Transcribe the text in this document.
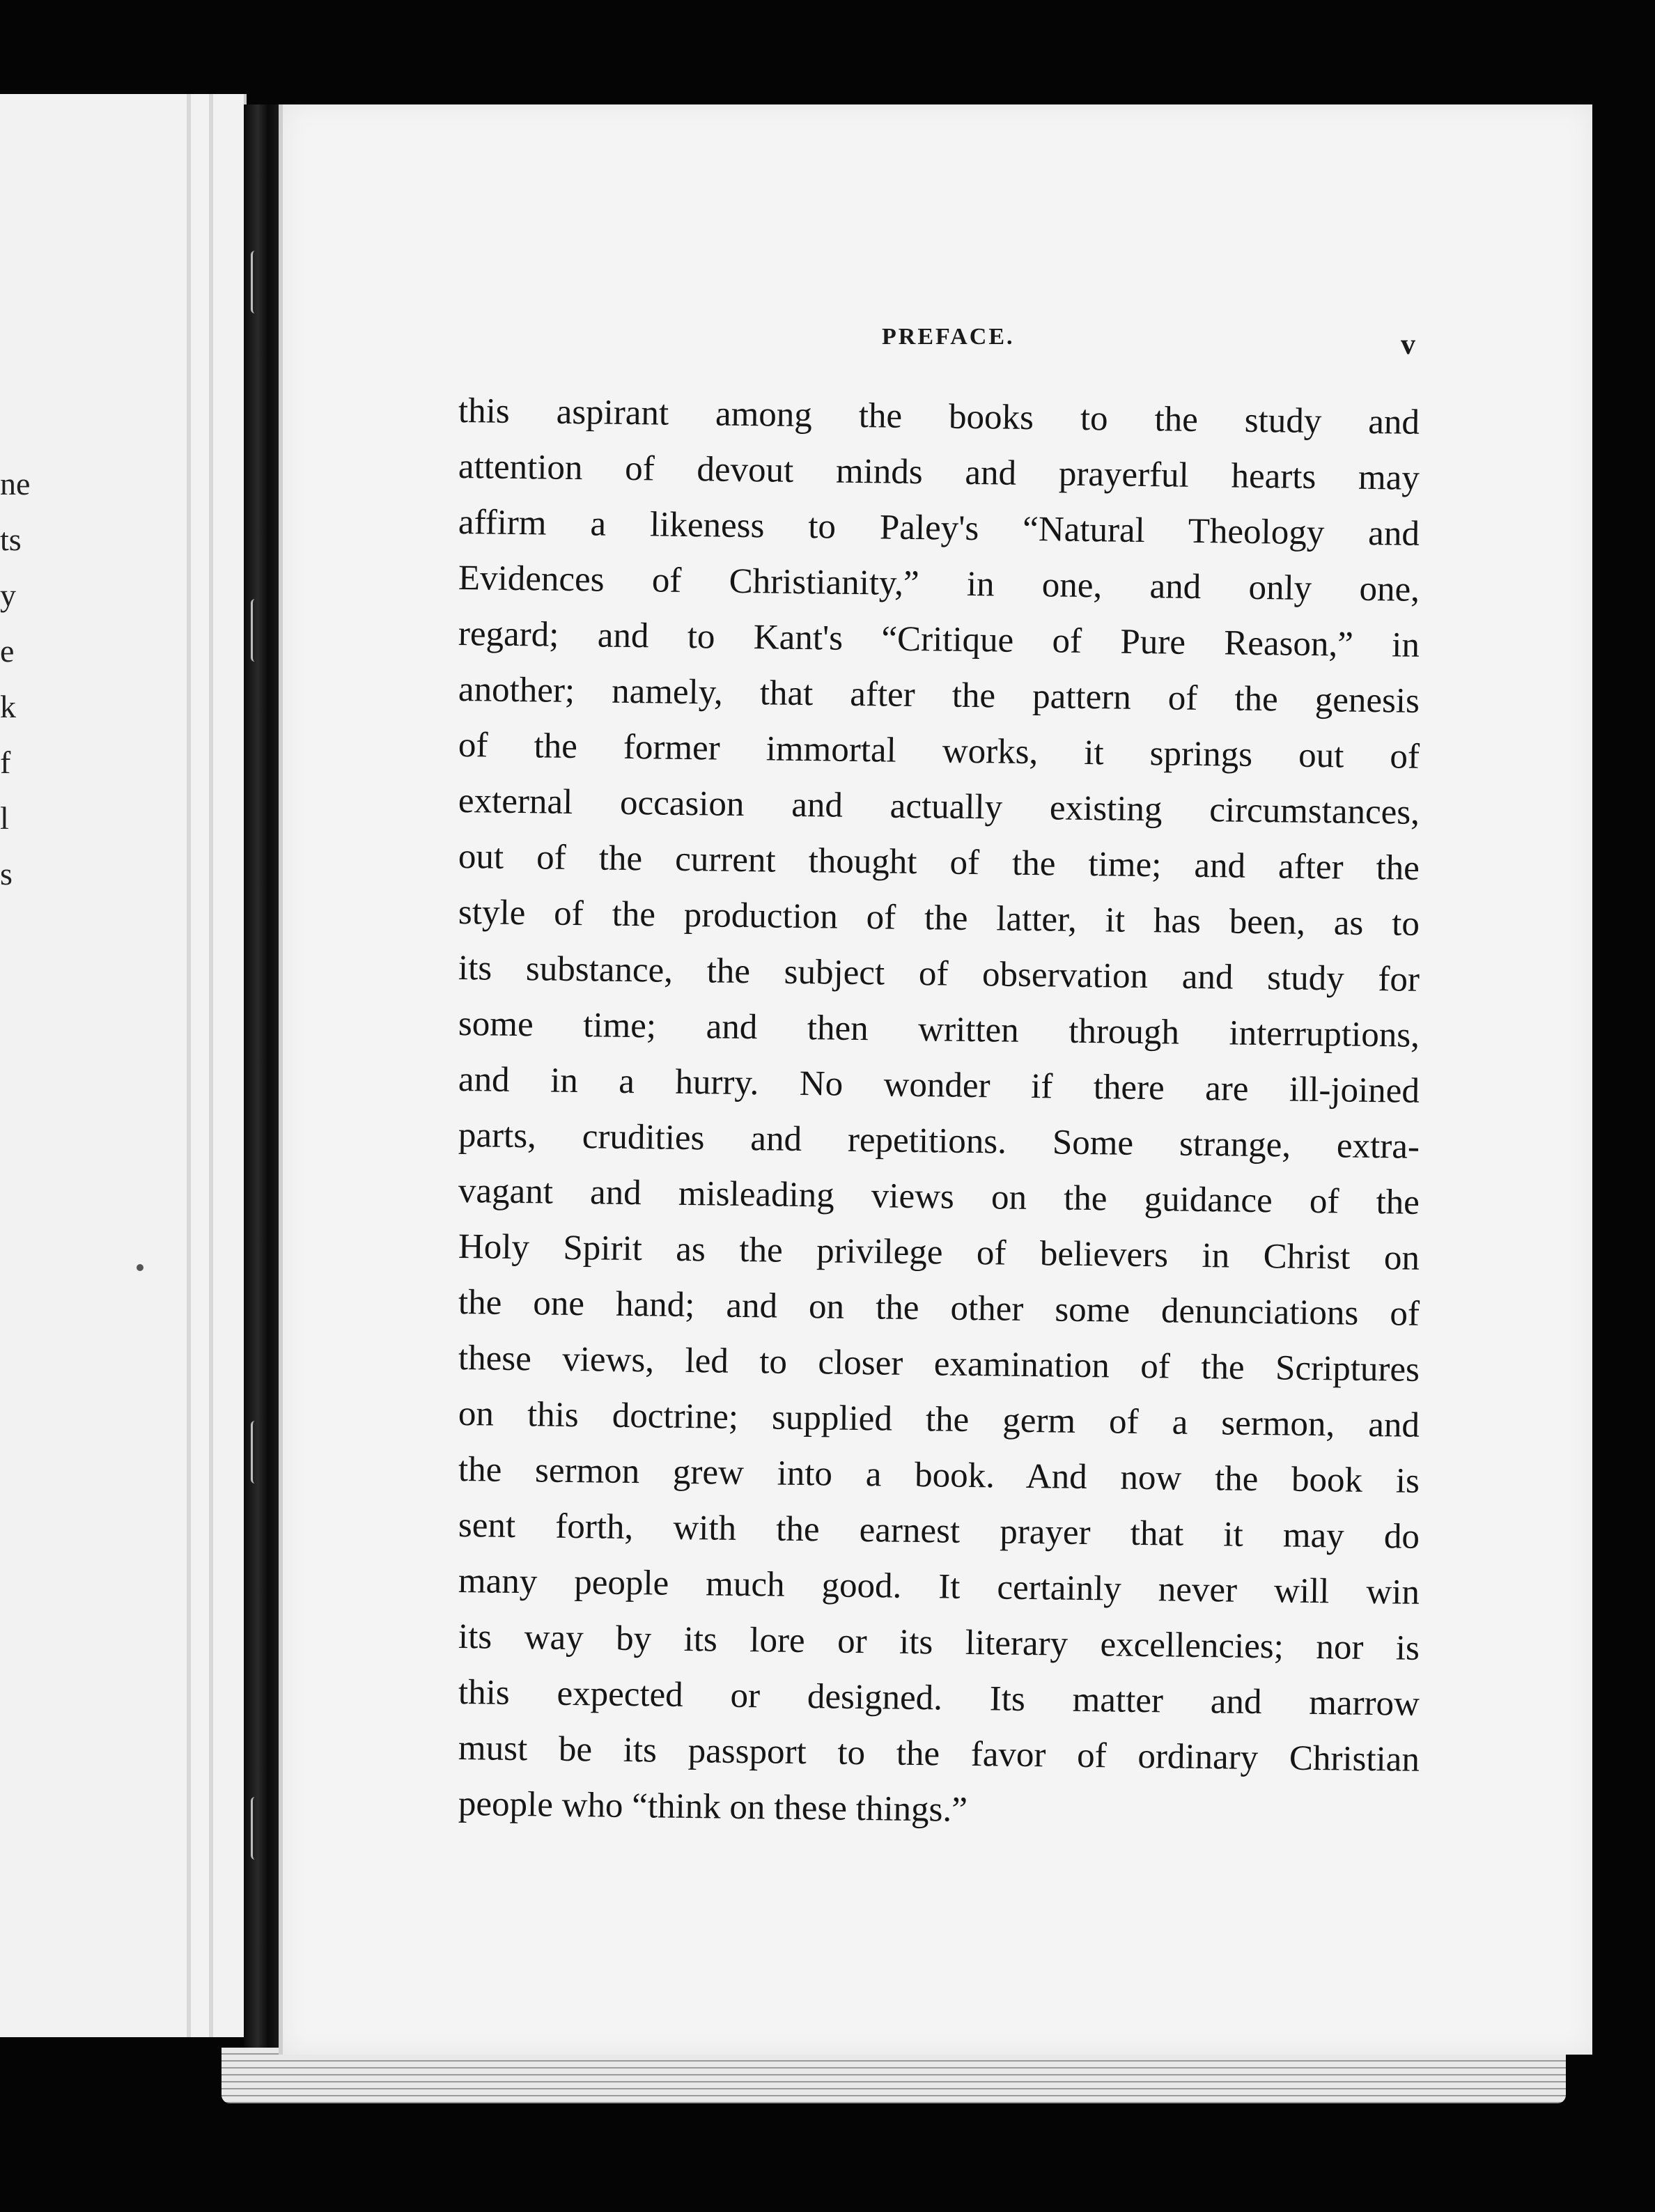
ne
ts
y
e
k
f
l
s
PREFACE.	v
this aspirant among the books to the study and
attention of devout minds and prayerful hearts may
affirm a likeness to Paley's “Natural Theology and
Evidences of Christianity,” in one, and only one,
regard; and to Kant's “Critique of Pure Reason,” in
another; namely, that after the pattern of the genesis
of the former immortal works, it springs out of
external occasion and actually existing circumstances,
out of the current thought of the time; and after the
style of the production of the latter, it has been, as to
its substance, the subject of observation and study for
some time; and then written through interruptions,
and in a hurry. No wonder if there are ill-joined
parts, crudities and repetitions. Some strange, extra-
vagant and misleading views on the guidance of the
Holy Spirit as the privilege of believers in Christ on
the one hand; and on the other some denunciations of
these views, led to closer examination of the Scriptures
on this doctrine; supplied the germ of a sermon, and
the sermon grew into a book. And now the book is
sent forth, with the earnest prayer that it may do
many people much good. It certainly never will win
its way by its lore or its literary excellencies; nor is
this expected or designed. Its matter and marrow
must be its passport to the favor of ordinary Christian
people who “think on these things.”
